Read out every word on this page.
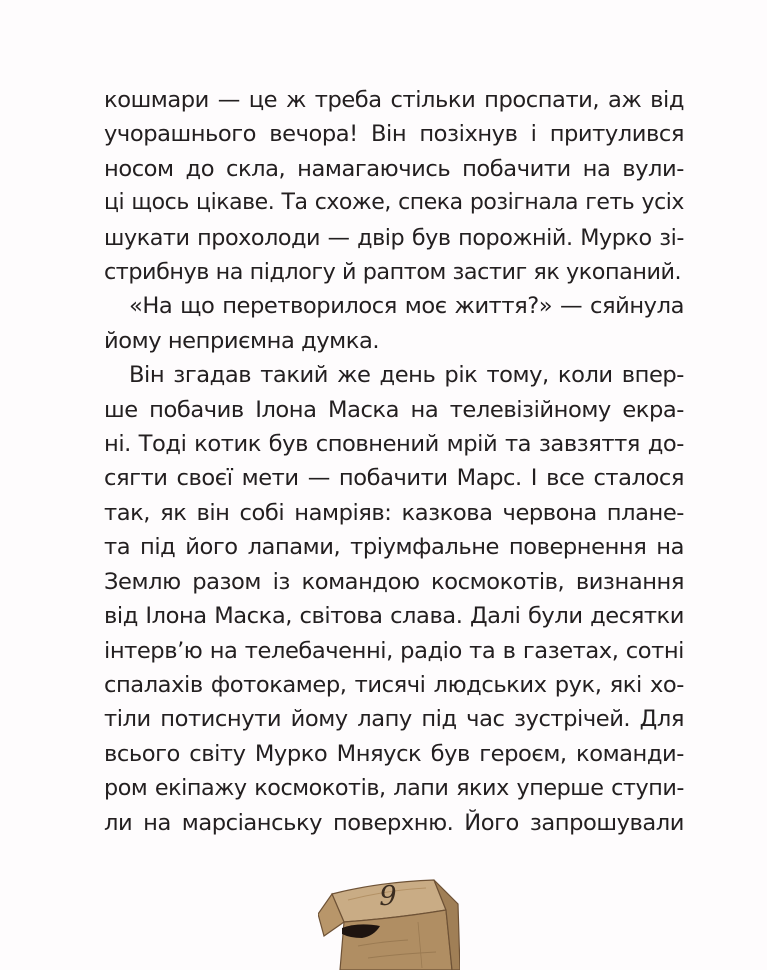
кошмари — це ж треба стільки проспати, аж від
учорашнього вечора! Він позіхнув і притулився
носом до скла, намагаючись побачити на вули-
ці щось цікаве. Та схоже, спека розігнала геть усіх
шукати прохолоди — двір був порожній. Мурко зі-
стрибнув на підлогу й раптом застиг як укопаний.
«На що перетворилося моє життя?» — сяйнула
йому неприємна думка.
Він згадав такий же день рік тому, коли впер-
ше побачив Ілона Маска на телевізійному екра-
ні. Тоді котик був сповнений мрій та завзяття до-
сягти своєї мети — побачити Марс. І все сталося
так, як він собі намріяв: казкова червона плане-
та під його лапами, тріумфальне повернення на
Землю разом із командою космокотів, визнання
від Ілона Маска, світова слава. Далі були десятки
інтерв’ю на телебаченні, радіо та в газетах, сотні
спалахів фотокамер, тисячі людських рук, які хо-
тіли потиснути йому лапу під час зустрічей. Для
всього світу Мурко Мняуск був героєм, команди-
ром екіпажу космокотів, лапи яких уперше ступи-
ли на марсіанську поверхню. Його запрошували
9
